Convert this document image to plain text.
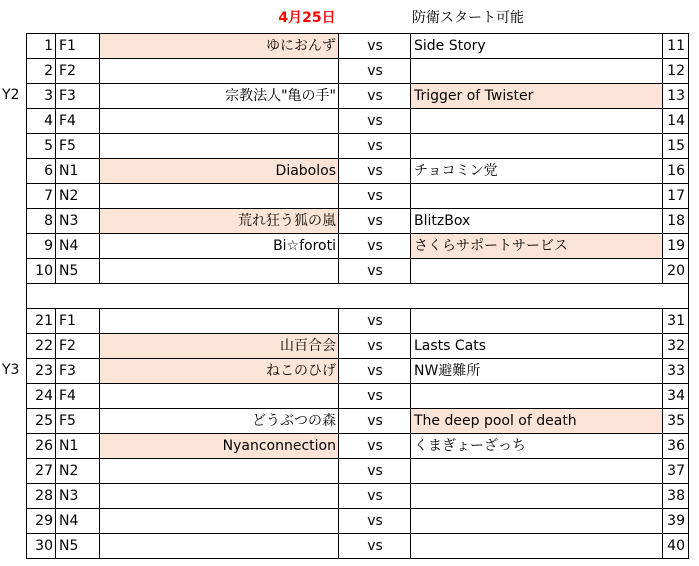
4月25日	防衛スタート可能
1 F1	ゆにおんず	vs	Side Story	11
2 F2	vs	12
3 F3	宗教法人"亀の手"	vs	Trigger of Twister	13
4 F4	vs	14
5 F5	vs	15
6 N1	Diabolos	vs	チョコミン党	16
7 N2	vs	17
8 N3	荒れ狂う狐の嵐	vs	BlitzBox	18
9 N4	Bi☆foroti	vs	さくらサポートサービス	19
10 N5	vs	20
21 F1	vs	31
22 F2	山百合会	vs	Lasts Cats	32
23 F3	ねこのひげ	vs	NW避難所	33
24 F4	vs	34
25 F5	どうぶつの森	vs	The deep pool of death	35
26 N1	Nyanconnection	vs	くまぎょーざっち	36
27 N2	vs	37
28 N3	vs	38
29 N4	vs	39
30 N5	vs	40
Y2
Y3
